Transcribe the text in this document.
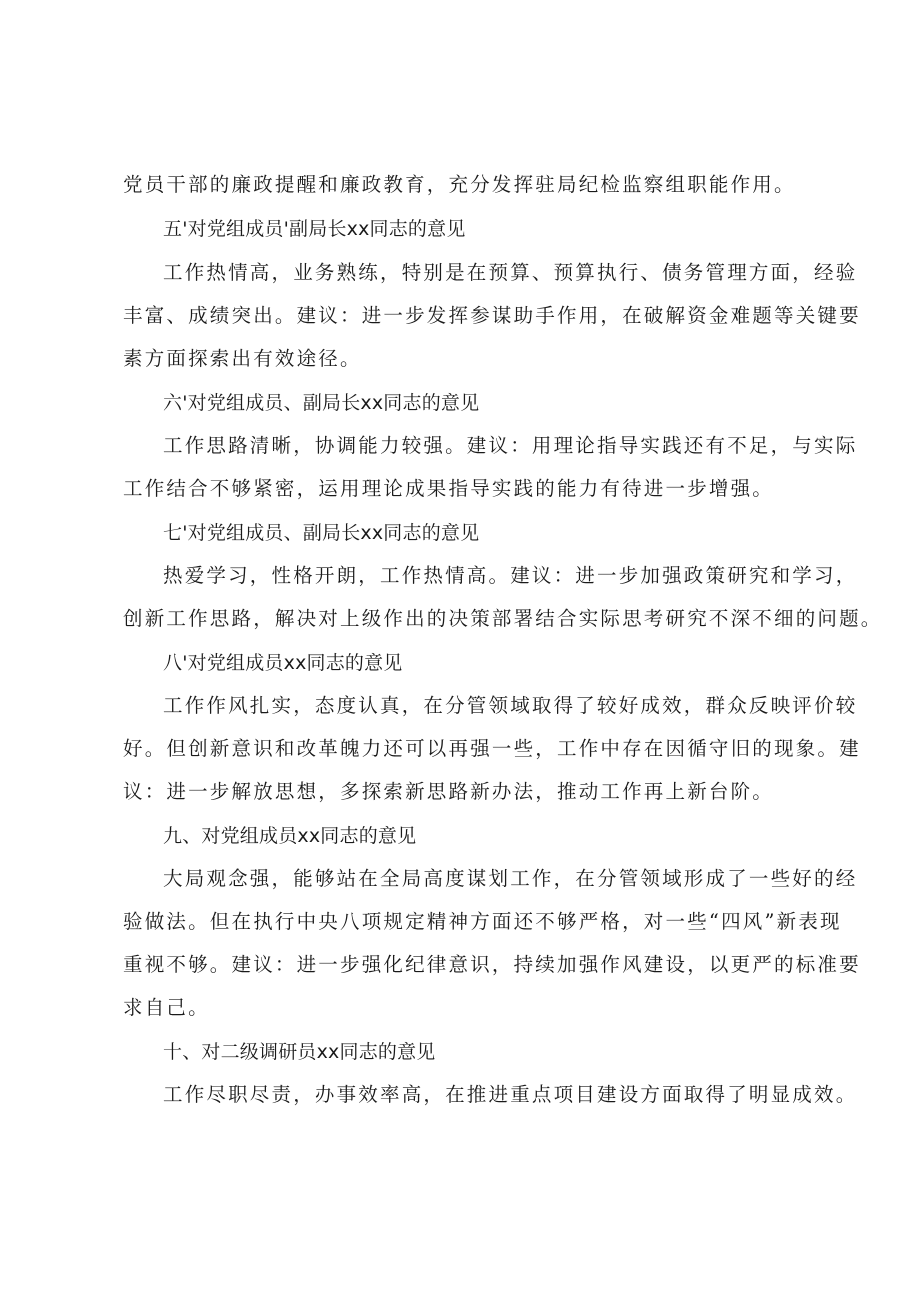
党员干部的廉政提醒和廉政教育，充分发挥驻局纪检监察组职能作用。
五'对党组成员'副局长xx同志的意见
工作热情高，业务熟练，特别是在预算、预算执行、债务管理方面，经验
丰富、成绩突出。建议：进一步发挥参谋助手作用，在破解资金难题等关键要
素方面探索出有效途径。
六'对党组成员、副局长xx同志的意见
工作思路清晰，协调能力较强。建议：用理论指导实践还有不足，与实际
工作结合不够紧密，运用理论成果指导实践的能力有待进一步增强。
七'对党组成员、副局长xx同志的意见
热爱学习，性格开朗，工作热情高。建议：进一步加强政策研究和学习，
创新工作思路，解决对上级作出的决策部署结合实际思考研究不深不细的问题。
八'对党组成员xx同志的意见
工作作风扎实，态度认真，在分管领域取得了较好成效，群众反映评价较
好。但创新意识和改革魄力还可以再强一些，工作中存在因循守旧的现象。建
议：进一步解放思想，多探索新思路新办法，推动工作再上新台阶。
九、对党组成员xx同志的意见
大局观念强，能够站在全局高度谋划工作，在分管领域形成了一些好的经
验做法。但在执行中央八项规定精神方面还不够严格，对一些“四风”新表现
重视不够。建议：进一步强化纪律意识，持续加强作风建设，以更严的标准要
求自己。
十、对二级调研员xx同志的意见
工作尽职尽责，办事效率高，在推进重点项目建设方面取得了明显成效。
